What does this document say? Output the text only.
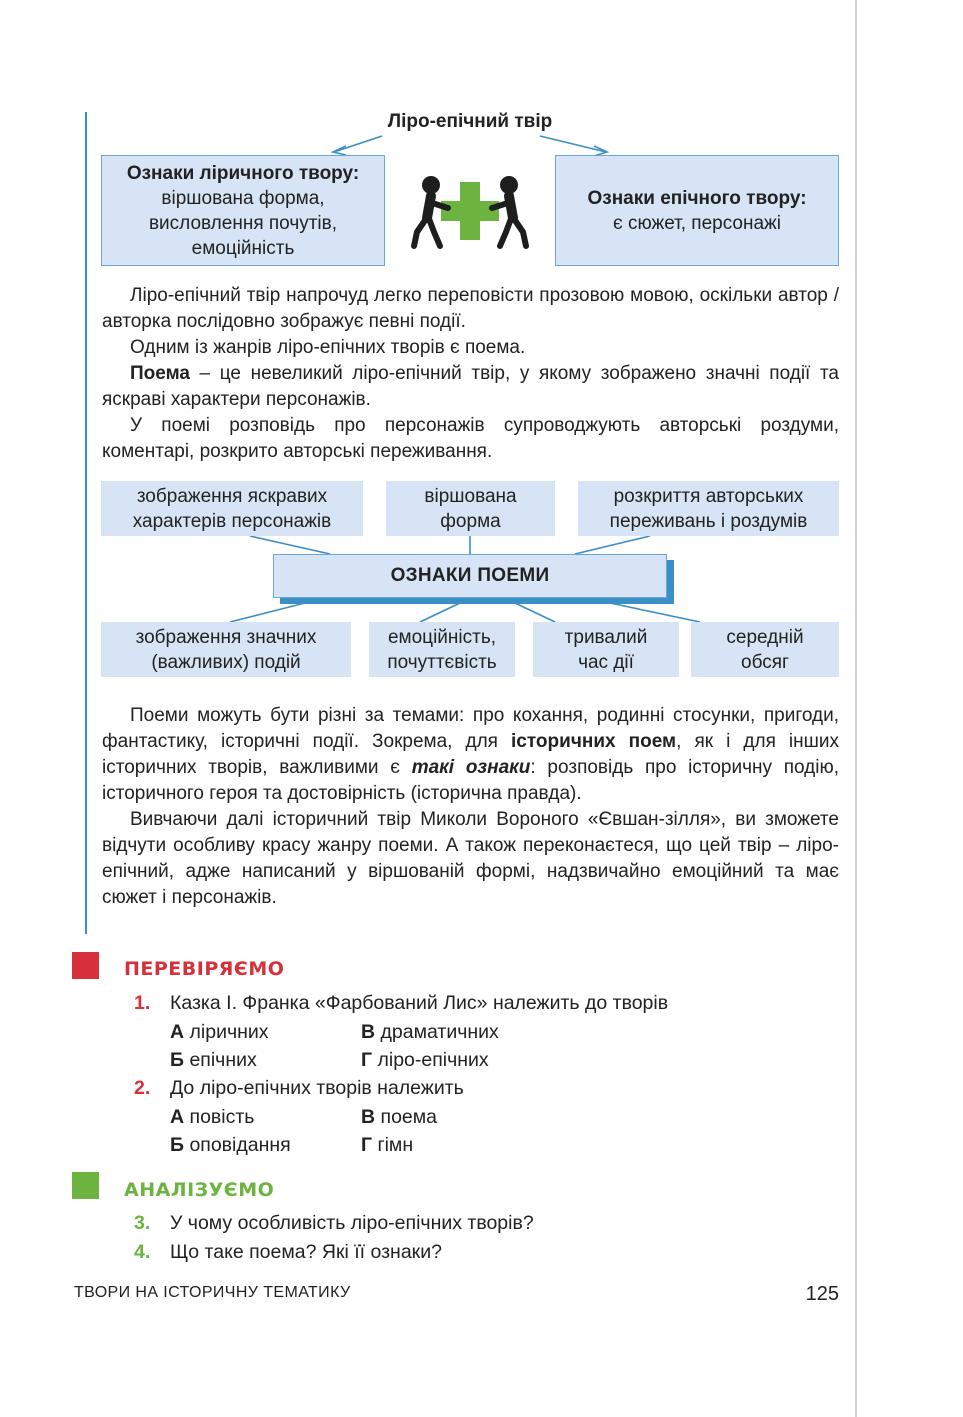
Ліро-епічний твір
Ознаки ліричного твору:
віршована форма,
висловлення почутів,
емоційність
Ознаки епічного твору:
є сюжет, персонажі

Ліро-епічний твір напрочуд легко переповісти прозовою мовою, оскільки автор / авторка послідовно зображує певні події.

Одним із жанрів ліро-епічних творів є поема.

Поема – це невеликий ліро-епічний твір, у якому зображено значні події та яскраві характери персонажів.

У поемі розповідь про персонажів супроводжують авторські роздуми, коментарі, розкрито авторські переживання.

зображення яскравих характерів персонажів
віршована форма
розкриття авторських переживань і роздумів
ОЗНАКИ ПОЕМИ
зображення значних (важливих) подій
емоційність, почуттєвість
тривалий час дії
середній обсяг

Поеми можуть бути різні за темами: про кохання, родинні стосунки, пригоди, фантастику, історичні події. Зокрема, для історичних поем, як і для інших історичних творів, важливими є такі ознаки: розповідь про історичну подію, історичного героя та достовірність (історична правда).

Вивчаючи далі історичний твір Миколи Вороного «Євшан-зілля», ви зможете відчути особливу красу жанру поеми. А також переконаєтеся, що цей твір – ліро-епічний, адже написаний у віршованій формі, надзвичайно емоційний та має сюжет і персонажів.

ПЕРЕВІРЯЄМО
1. Казка І. Франка «Фарбований Лис» належить до творів
А ліричних	В драматичних
Б епічних	Г ліро-епічних
2. До ліро-епічних творів належить
А повість	В поема
Б оповідання	Г гімн
АНАЛІЗУЄМО
3. У чому особливість ліро-епічних творів?
4. Що таке поема? Які її ознаки?
ТВОРИ НА ІСТОРИЧНУ ТЕМАТИКУ	125
